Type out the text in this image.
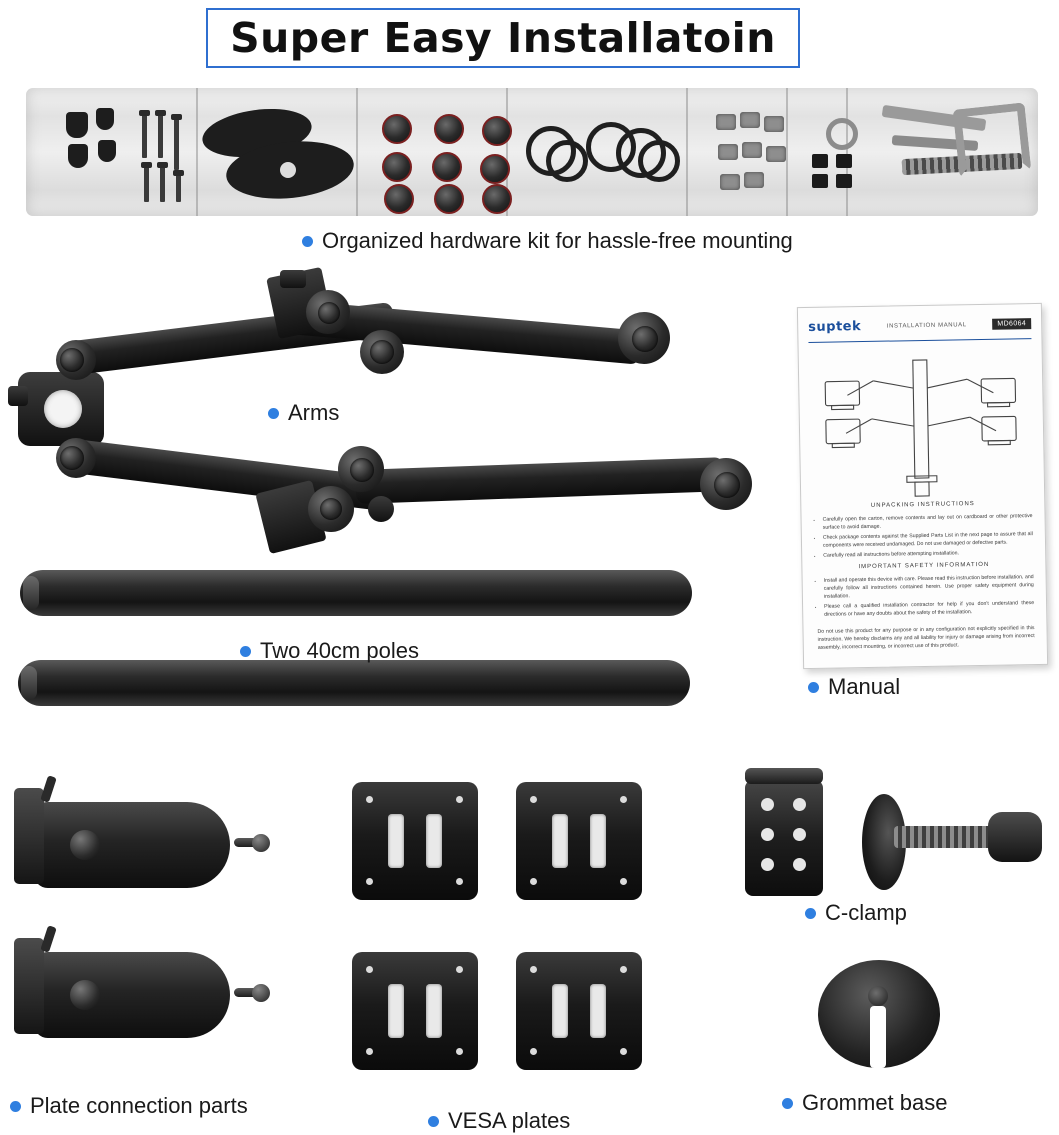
Super Easy Installatoin
Organized hardware kit for hassle-free mounting
Arms
Two 40cm poles
suptek	INSTALLATION MANUAL	MD6064
UNPACKING INSTRUCTIONS
• Carefully open the carton, remove contents and lay out on cardboard or other protective surface to avoid damage.
• Check package contents against the Supplied Parts List in the next page to assure that all components were received undamaged. Do not use damaged or defective parts.
• Carefully read all instructions before attempting installation.
IMPORTANT SAFETY INFORMATION
• Install and operate this device with care. Please read this instruction before installation, and carefully follow all instructions contained herein. Use proper safety equipment during installation.
• Please call a qualified installation contractor for help if you don't understand these directions or have any doubts about the safety of the installation.
Do not use this product for any purpose or in any configuration not explicitly specified in this instruction. We hereby disclaims any and all liability for injury or damage arising from incorrect assembly, incorrect mounting, or incorrect use of this product.
Manual
Plate connection parts
VESA plates
C-clamp
Grommet base
